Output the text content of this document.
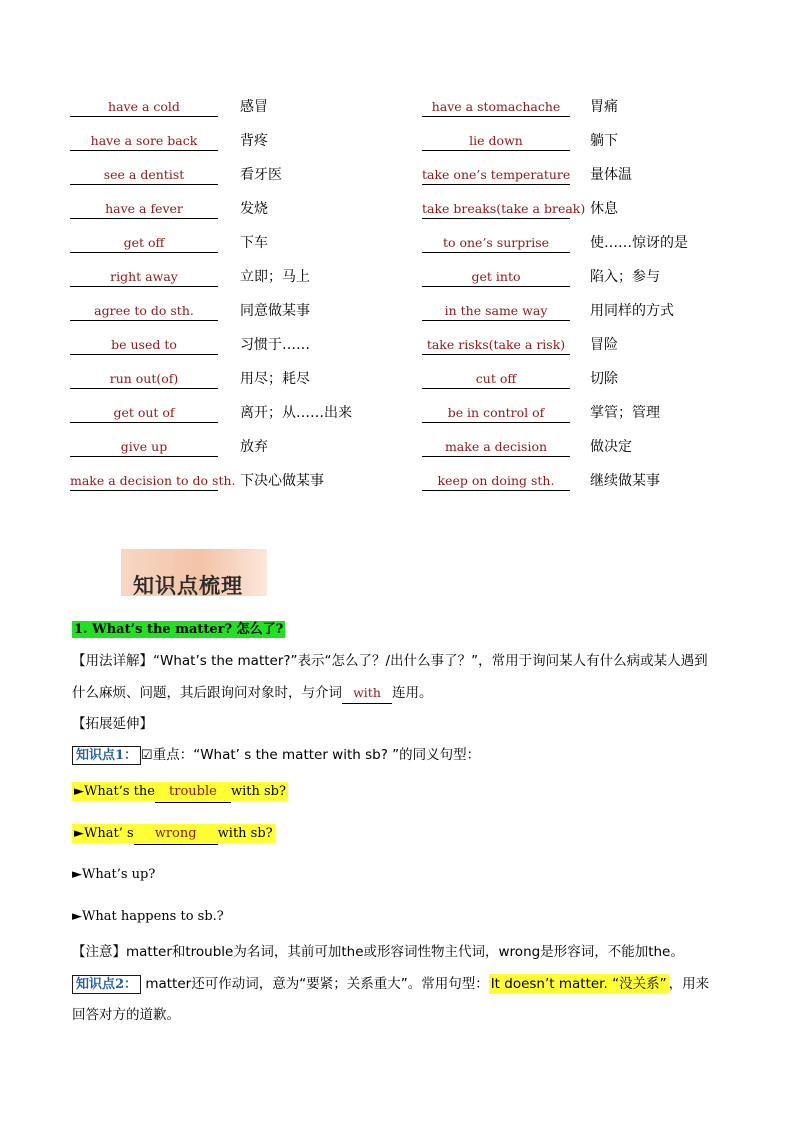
have a cold	感冒	have a stomachache	胃痛
have a sore back	背疼	lie down	躺下
see a dentist	看牙医	take one’s temperature 量体温
have a fever	发烧	take breaks(take a break) 休息
get off	下车	to one’s surprise	使……惊讶的是
right away	立即；马上	get into	陷入；参与
agree to do sth.	同意做某事	in the same way	用同样的方式
be used to	习惯于……	take risks(take a risk)	冒险
run out(of)	用尽；耗尽	cut off	切除
get out of	离开；从……出来	be in control of	掌管；管理
give up	放弃	make a decision	做决定
make a decision to do sth. 下决心做某事	keep on doing sth.	继续做某事
知识点梳理
1. What’s the matter? 怎么了?
【用法详解】“What’s the matter?”表示“怎么了？/出什么事了？”，常用于询问某人有什么病或某人遇到
什么麻烦、问题，其后跟询问对象时，与介词 with 连用。
【拓展延伸】
知识点1： ☑重点：“What’ s the matter with sb? ”的同义句型：
►What’s the trouble with sb?
►What’ s wrong with sb?
►What’s up?
►What happens to sb.?
【注意】matter和trouble为名词，其前可加the或形容词性物主代词，wrong是形容词，不能加the。
知识点2： matter还可作动词，意为“要紧；关系重大”。常用句型： It doesn’t matter. “没关系” ，用来
回答对方的道歉。
